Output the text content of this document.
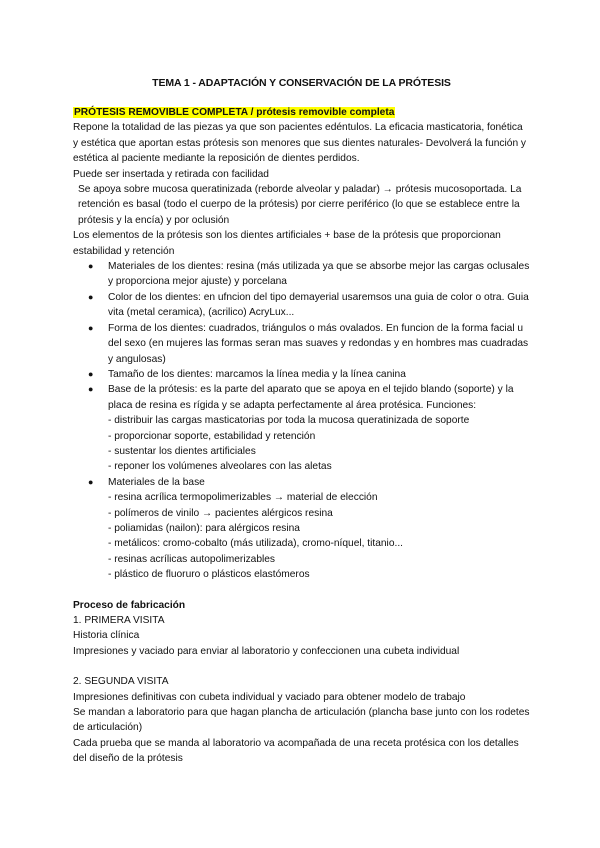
TEMA 1 - ADAPTACIÓN Y CONSERVACIÓN DE LA PRÓTESIS
PRÓTESIS REMOVIBLE COMPLETA / prótesis removible completa

Repone la totalidad de las piezas ya que son pacientes edéntulos. La eficacia masticatoria, fonética y estética que aportan estas prótesis son menores que sus dientes naturales- Devolverá la función y estética al paciente mediante la reposición de dientes perdidos.

Puede ser insertada y retirada con facilidad

Se apoya sobre mucosa queratinizada (reborde alveolar y paladar) → prótesis mucosoportada. La retención es basal (todo el cuerpo de la prótesis) por cierre periférico (lo que se establece entre la prótesis y la encía) y por oclusión

Los elementos de la prótesis son los dientes artificiales + base de la prótesis que proporcionan estabilidad y retención

● Materiales de los dientes: resina (más utilizada ya que se absorbe mejor las cargas oclusales y proporciona mejor ajuste) y porcelana
● Color de los dientes: en ufncion del tipo demayerial usaremsos una guia de color o otra. Guia vita (metal ceramica), (acrilico) AcryLux...
● Forma de los dientes: cuadrados, triángulos o más ovalados. En funcion de la forma facial u del sexo (en mujeres las formas seran mas suaves y redondas y en hombres mas cuadradas y angulosas)
● Tamaño de los dientes: marcamos la línea media y la línea canina
● Base de la prótesis: es la parte del aparato que se apoya en el tejido blando (soporte) y la placa de resina es rígida y se adapta perfectamente al área protésica. Funciones:
- distribuir las cargas masticatorias por toda la mucosa queratinizada de soporte
- proporcionar soporte, estabilidad y retención
- sustentar los dientes artificiales
- reponer los volúmenes alveolares con las aletas
● Materiales de la base
- resina acrílica termopolimerizables → material de elección
- polímeros de vinilo → pacientes alérgicos resina
- poliamidas (nailon): para alérgicos resina
- metálicos: cromo-cobalto (más utilizada), cromo-níquel, titanio...
- resinas acrílicas autopolimerizables
- plástico de fluoruro o plásticos elastómeros
Proceso de fabricación

1. PRIMERA VISITA

Historia clínica

Impresiones y vaciado para enviar al laboratorio y confeccionen una cubeta individual

2. SEGUNDA VISITA

Impresiones definitivas con cubeta individual y vaciado para obtener modelo de trabajo

Se mandan a laboratorio para que hagan plancha de articulación (plancha base junto con los rodetes de articulación)

Cada prueba que se manda al laboratorio va acompañada de una receta protésica con los detalles del diseño de la prótesis
